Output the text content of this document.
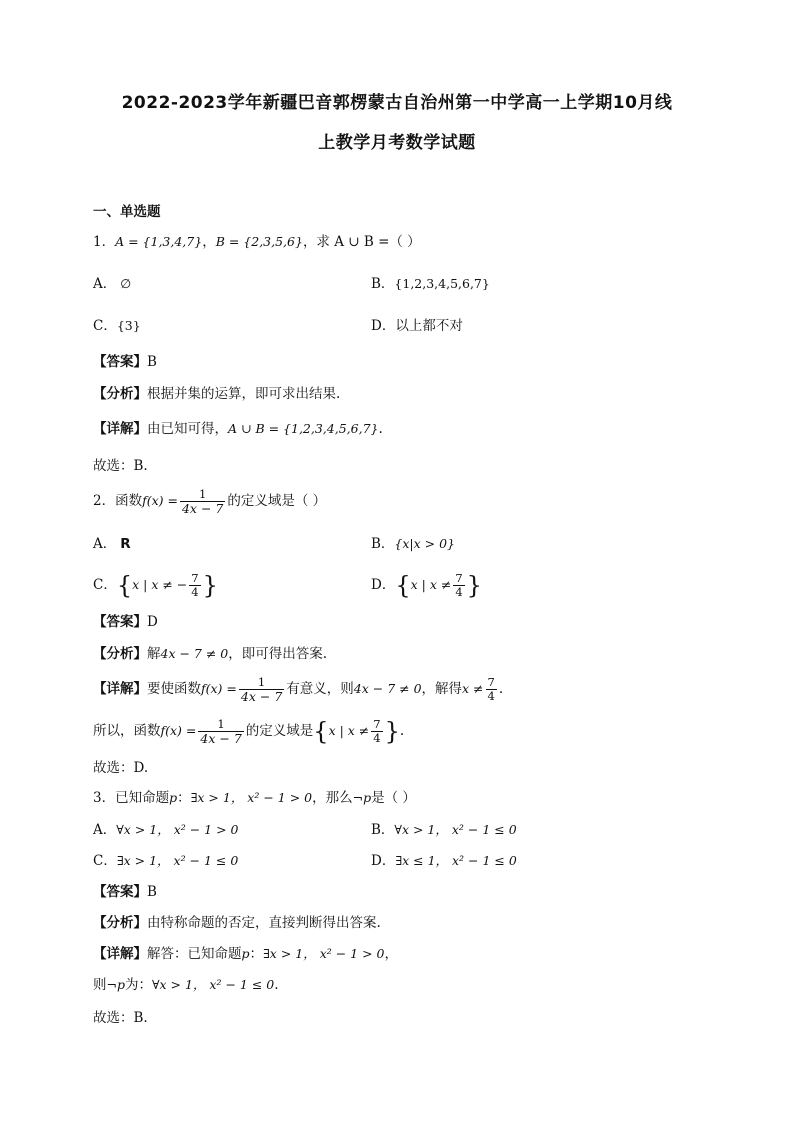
2022-2023学年新疆巴音郭楞蒙古自治州第一中学高一上学期10月线
上教学月考数学试题
一、单选题
1．A = {1,3,4,7}，B = {2,3,5,6}，求 A ∪ B =（ ）
A． ∅	B．{1,2,3,4,5,6,7}
C．{3}	D．以上都不对
【答案】B
【分析】根据并集的运算，即可求出结果.
【详解】由已知可得，A ∪ B = {1,2,3,4,5,6,7}.
故选：B.
2．函数$f(x) = \frac{1}{4x - 7}$ 的定义域是（ ）
A． R	B．{x|x > 0}
C．{x | x ≠ − $\frac{7}{4}$ }	D．{x | $x \ne \frac{7}{4}$ }
【答案】D
【分析】解4x − 7 ≠ 0，即可得出答案.
【详解】要使函数$f(x) = \frac{1}{4x - 7}$ 有意义，则4x − 7 ≠ 0，解得$x \ne \frac{7}{4}$ .
所以，函数$f(x) = \frac{1}{4x - 7}$ 的定义域是{x | $x \ne \frac{7}{4}$ }.
故选：D.
3．已知命题p：∃x > 1， x² − 1 > 0，那么¬p是（ ）
A．∀x > 1， x² − 1 > 0	B．∀x > 1， x² − 1 ≤ 0
C．∃x > 1， x² − 1 ≤ 0	D．∃x ≤ 1， x² − 1 ≤ 0
【答案】B
【分析】由特称命题的否定，直接判断得出答案.
【详解】解答：已知命题p：∃x > 1， x² − 1 > 0，
则¬p为：∀x > 1， x² − 1 ≤ 0.
故选：B.
